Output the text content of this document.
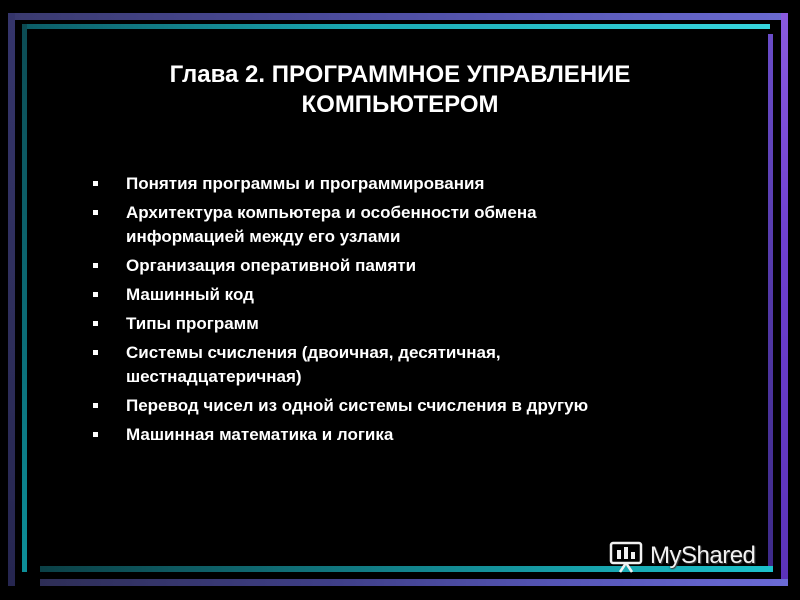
Глава 2. ПРОГРАММНОЕ УПРАВЛЕНИЕ
КОМПЬЮТЕРОМ
Понятия программы и программирования
Архитектура компьютера и особенности обмена
информацией между его узлами
Организация оперативной памяти
Машинный код
Типы программ
Системы счисления (двоичная, десятичная,
шестнадцатеричная)
Перевод чисел из одной системы счисления в другую
Машинная математика и логика
MyShared
